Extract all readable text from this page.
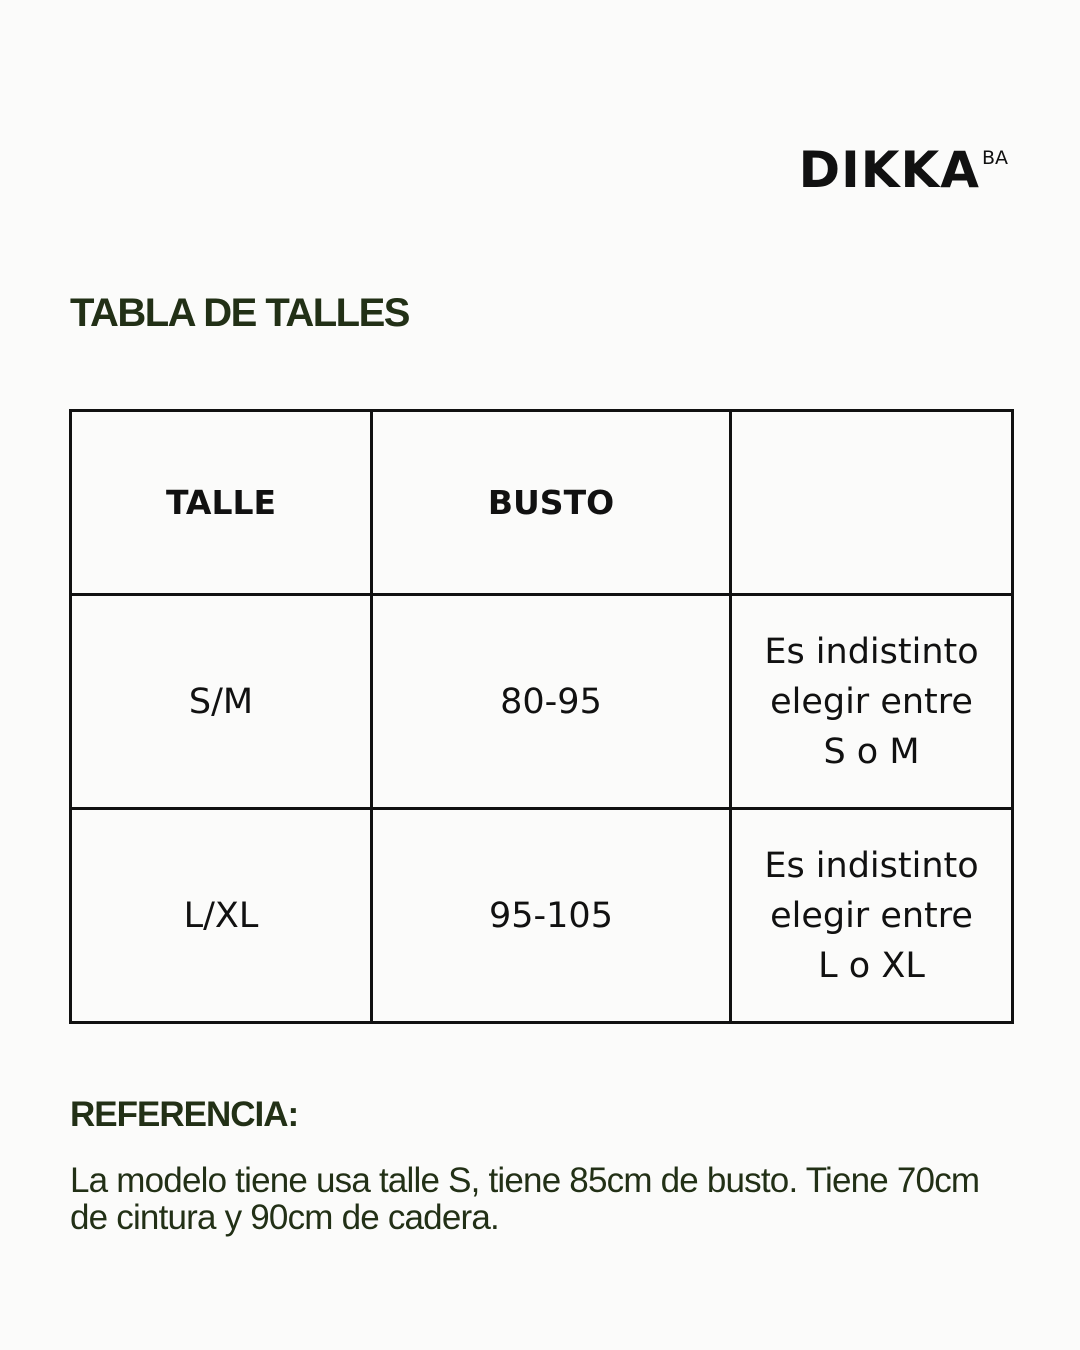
DIKKA BA
TABLA DE TALLES
TALLE	BUSTO	
S/M	80-95	Es indistinto
elegir entre
S o M

L/XL	95-105	Es indistinto
elegir entre
L o XL
REFERENCIA:

La modelo tiene usa talle S, tiene 85cm de busto. Tiene 70cm de cintura y 90cm de cadera.
